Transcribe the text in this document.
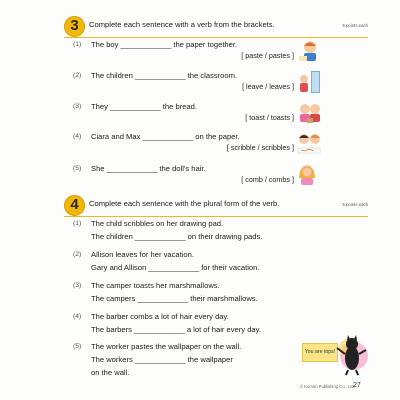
3	Complete each sentence with a verb from the brackets.	5 points each
(1) The boy ____________ the paper together.
[ paste / pastes ]
(2) The children ____________ the classroom.
[ leave / leaves ]
(3) They ____________ the bread.
[ toast / toasts ]
(4) Ciara and Max ____________ on the paper.
[ scribble / scribbles ]
(5) She ____________ the doll's hair.
[ comb / combs ]
4	Complete each sentence with the plural form of the verb.	5 points each
(1) The child scribbles on her drawing pad.
The children ____________ on their drawing pads.
(2) Allison leaves for her vacation.
Gary and Allison ____________ for their vacation.
(3) The camper toasts her marshmallows.
The campers ____________ their marshmallows.
(4) The barber combs a lot of hair every day.
The barbers ____________ a lot of hair every day.
(5) The worker pastes the wallpaper on the wall.
The workers ____________ the wallpaper
on the wall.
You are tops!
© Kumon Publishing Co., Ltd.
27
